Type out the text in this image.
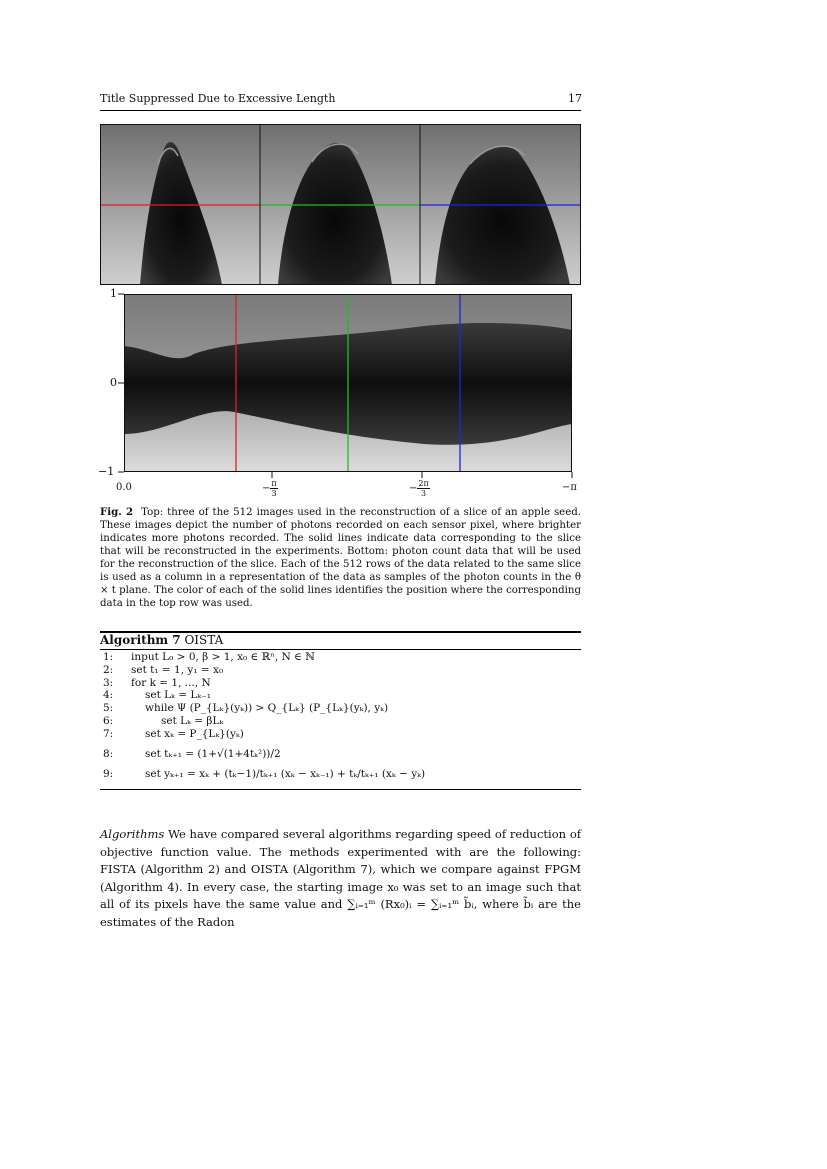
Title Suppressed Due to Excessive Length	17
1
0
−1
0.0	− $\frac{\pi}{3}$	− $\frac{2\pi}{3}$	−π
Fig. 2 Top: three of the 512 images used in the reconstruction of a slice of an apple seed. These images depict the number of photons recorded on each sensor pixel, where brighter indicates more photons recorded. The solid lines indicate data corresponding to the slice that will be reconstructed in the experiments. Bottom: photon count data that will be used for the reconstruction of the slice. Each of the 512 rows of the data related to the same slice is used as a column in a representation of the data as samples of the photon counts in the θ × t plane. The color of each of the solid lines identifies the position where the corresponding data in the top row was used.
Algorithm 7 OISTA
1: input L₀ > 0, β > 1, x₀ ∈ ℝⁿ, N ∈ ℕ
2: set t₁ = 1, y₁ = x₀
3: for k = 1, ..., N
4:	set Lₖ = Lₖ₋₁
5:	while Ψ (P_{Lₖ}(yₖ)) > Q_{Lₖ} (P_{Lₖ}(yₖ), yₖ)
6:	set Lₖ = βLₖ
7:	set xₖ = P_{Lₖ}(yₖ)
8:	set tₖ₊₁ = (1+√(1+4tₖ²))/2
9:	set yₖ₊₁ = xₖ + (tₖ−1)/tₖ₊₁ (xₖ − xₖ₋₁) + tₖ/tₖ₊₁ (xₖ − yₖ)
Algorithms We have compared several algorithms regarding speed of reduction of objective function value. The methods experimented with are the following: FISTA (Algorithm 2) and OISTA (Algorithm 7), which we compare against FPGM (Algorithm 4). In every case, the starting image x₀ was set to an image such that all of its pixels have the same value and ∑ᵢ₌₁ᵐ (Rx₀)ᵢ = ∑ᵢ₌₁ᵐ b̃ᵢ, where b̃ᵢ are the estimates of the Radon
